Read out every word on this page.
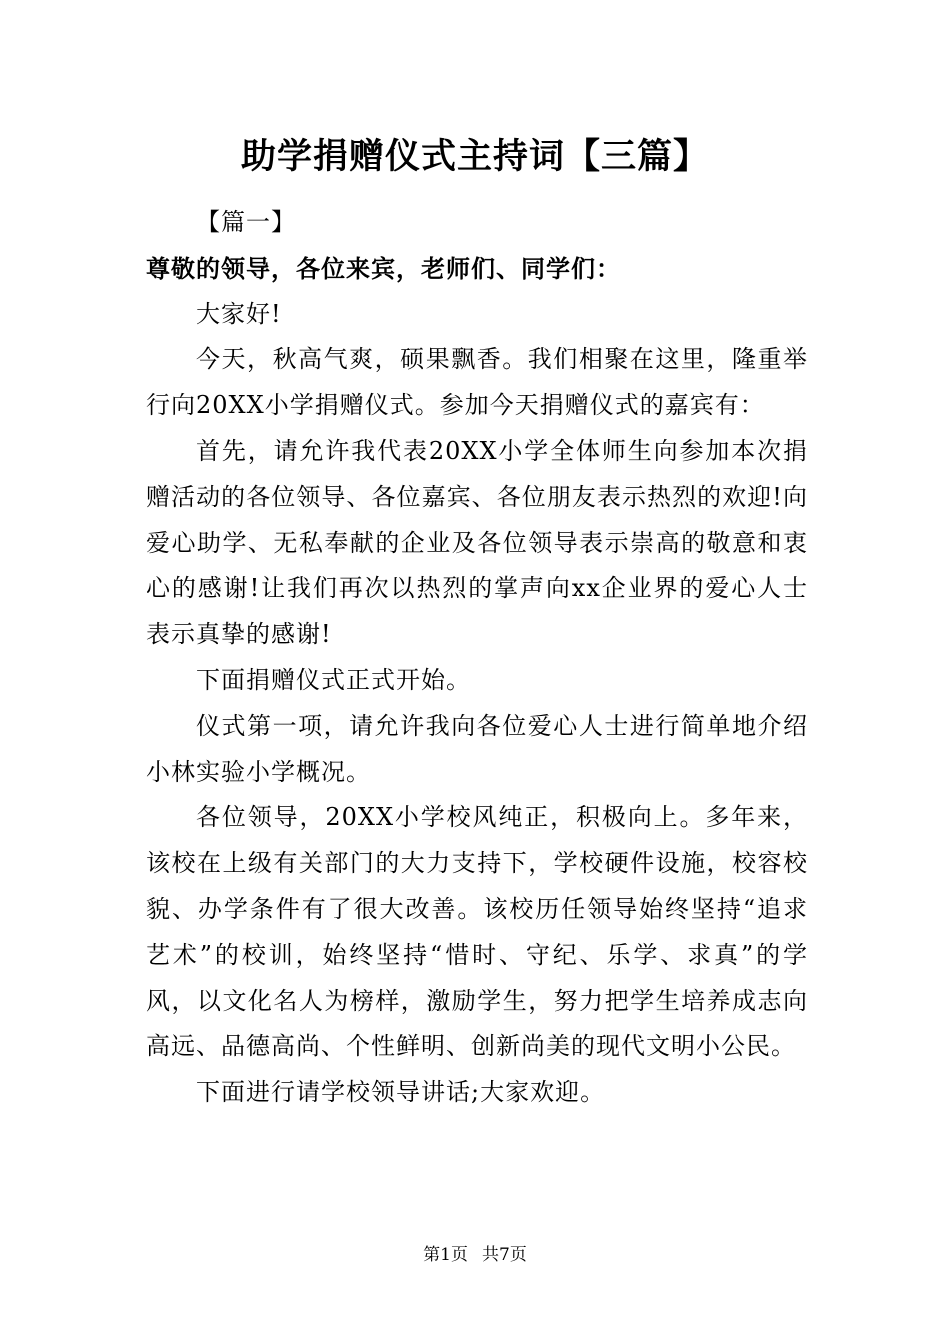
助学捐赠仪式主持词【三篇】

【篇一】

尊敬的领导，各位来宾，老师们、同学们：

大家好!

今天，秋高气爽，硕果飘香。我们相聚在这里，隆重举行向20XX小学捐赠仪式。参加今天捐赠仪式的嘉宾有：

首先，请允许我代表20XX小学全体师生向参加本次捐赠活动的各位领导、各位嘉宾、各位朋友表示热烈的欢迎!向爱心助学、无私奉献的企业及各位领导表示崇高的敬意和衷心的感谢!让我们再次以热烈的掌声向xx企业界的爱心人士表示真挚的感谢!

下面捐赠仪式正式开始。

仪式第一项，请允许我向各位爱心人士进行简单地介绍小林实验小学概况。

各位领导，20XX小学校风纯正，积极向上。多年来，该校在上级有关部门的大力支持下，学校硬件设施，校容校貌、办学条件有了很大改善。该校历任领导始终坚持“追求艺术”的校训，始终坚持“惜时、守纪、乐学、求真”的学风，以文化名人为榜样，激励学生，努力把学生培养成志向高远、品德高尚、个性鲜明、创新尚美的现代文明小公民。

下面进行请学校领导讲话;大家欢迎。

第1页 共7页
